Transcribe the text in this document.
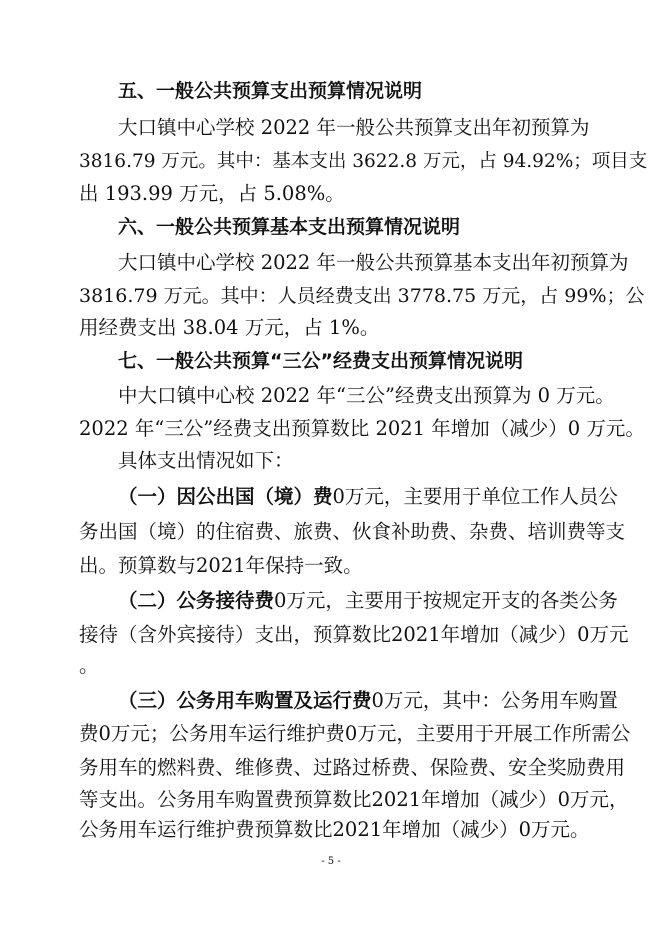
五、一般公共预算支出预算情况说明
大口镇中心学校 2022 年一般公共预算支出年初预算为
3816.79 万元。其中：基本支出 3622.8 万元，占 94.92%；项目支
出 193.99 万元，占 5.08%。
六、一般公共预算基本支出预算情况说明
大口镇中心学校 2022 年一般公共预算基本支出年初预算为
3816.79 万元。其中：人员经费支出 3778.75 万元，占 99%；公
用经费支出 38.04 万元，占 1%。
七、一般公共预算“三公”经费支出预算情况说明
中大口镇中心校 2022 年“三公”经费支出预算为 0 万元。
2022 年“三公”经费支出预算数比 2021 年增加（减少）0 万元。
具体支出情况如下：
（一）因公出国（境）费0万元，主要用于单位工作人员公
务出国（境）的住宿费、旅费、伙食补助费、杂费、培训费等支
出。预算数与2021年保持一致。
（二）公务接待费0万元，主要用于按规定开支的各类公务
接待（含外宾接待）支出，预算数比2021年增加（减少）0万元
。
（三）公务用车购置及运行费0万元，其中：公务用车购置
费0万元；公务用车运行维护费0万元，主要用于开展工作所需公
务用车的燃料费、维修费、过路过桥费、保险费、安全奖励费用
等支出。公务用车购置费预算数比2021年增加（减少）0万元，
公务用车运行维护费预算数比2021年增加（减少）0万元。
- 5 -
